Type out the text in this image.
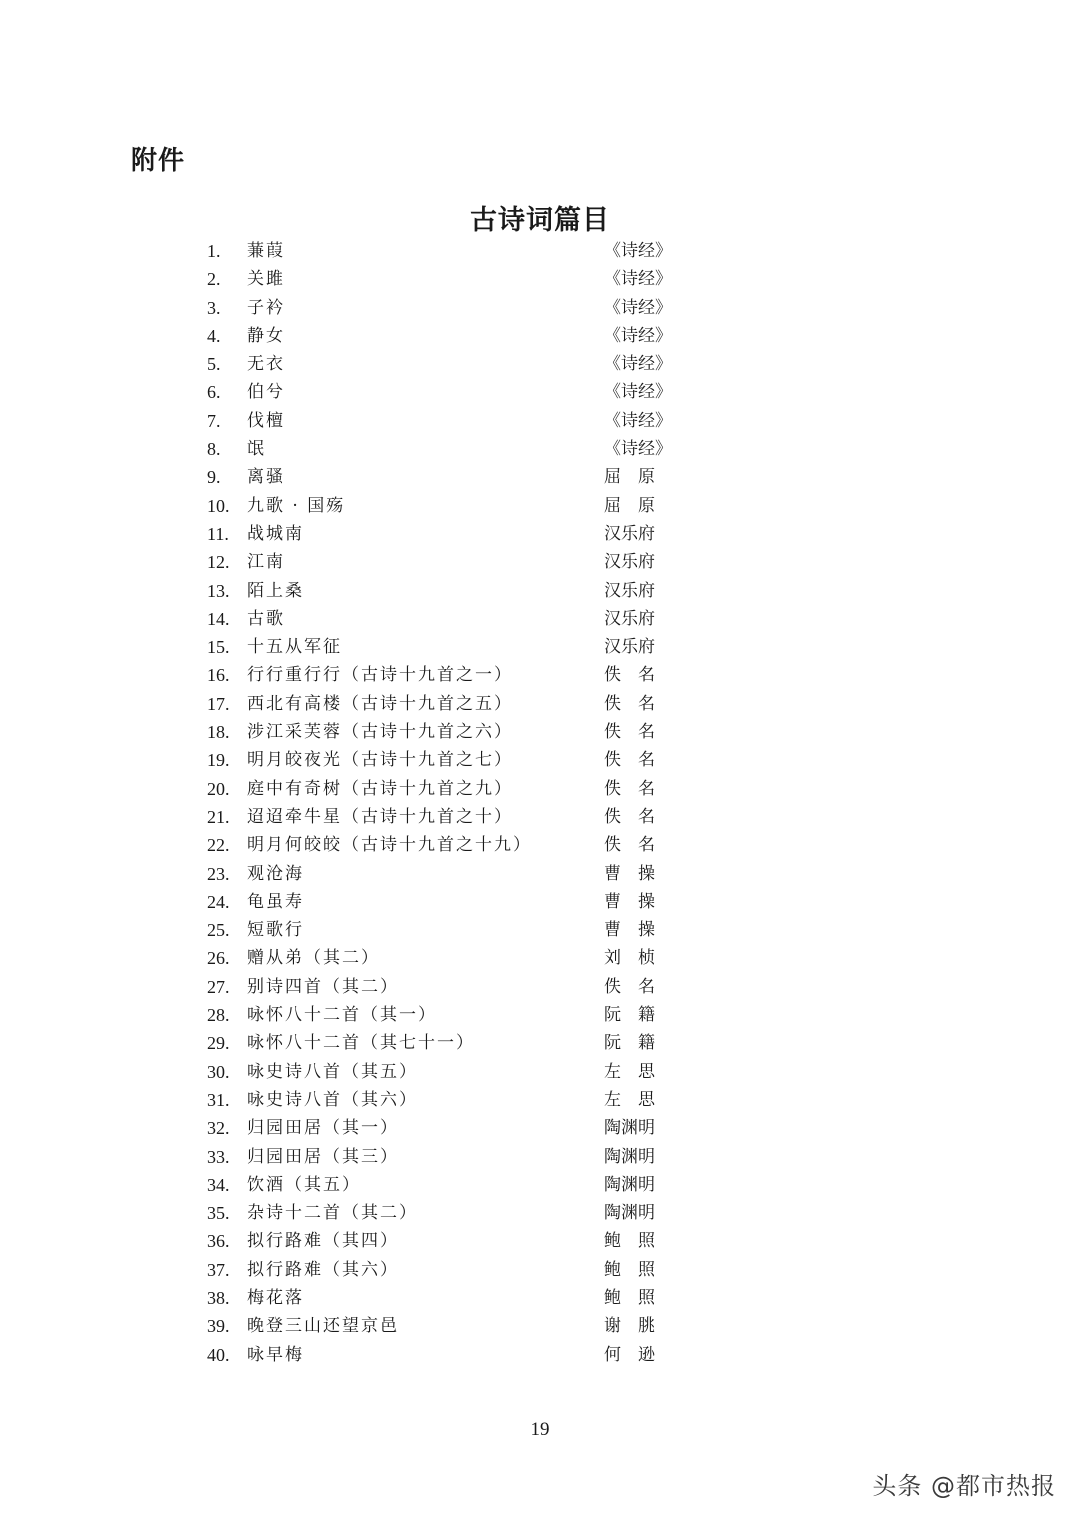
附件
古诗词篇目
1. 蒹葭	《诗经》
2. 关雎	《诗经》
3. 子衿	《诗经》
4. 静女	《诗经》
5. 无衣	《诗经》
6. 伯兮	《诗经》
7. 伐檀	《诗经》
8. 氓	《诗经》
9. 离骚	屈　原
10. 九歌 · 国殇	屈　原
11. 战城南	汉乐府
12. 江南	汉乐府
13. 陌上桑	汉乐府
14. 古歌	汉乐府
15. 十五从军征	汉乐府
16. 行行重行行（古诗十九首之一）	佚　名
17. 西北有高楼（古诗十九首之五）	佚　名
18. 涉江采芙蓉（古诗十九首之六）	佚　名
19. 明月皎夜光（古诗十九首之七）	佚　名
20. 庭中有奇树（古诗十九首之九）	佚　名
21. 迢迢牵牛星（古诗十九首之十）	佚　名
22. 明月何皎皎（古诗十九首之十九）	佚　名
23. 观沧海	曹　操
24. 龟虽寿	曹　操
25. 短歌行	曹　操
26. 赠从弟（其二）	刘　桢
27. 别诗四首（其二）	佚　名
28. 咏怀八十二首（其一）	阮　籍
29. 咏怀八十二首（其七十一）	阮　籍
30. 咏史诗八首（其五）	左　思
31. 咏史诗八首（其六）	左　思
32. 归园田居（其一）	陶渊明
33. 归园田居（其三）	陶渊明
34. 饮酒（其五）	陶渊明
35. 杂诗十二首（其二）	陶渊明
36. 拟行路难（其四）	鲍　照
37. 拟行路难（其六）	鲍　照
38. 梅花落	鲍　照
39. 晚登三山还望京邑	谢　朓
40. 咏早梅	何　逊
19
头条 @都市热报
